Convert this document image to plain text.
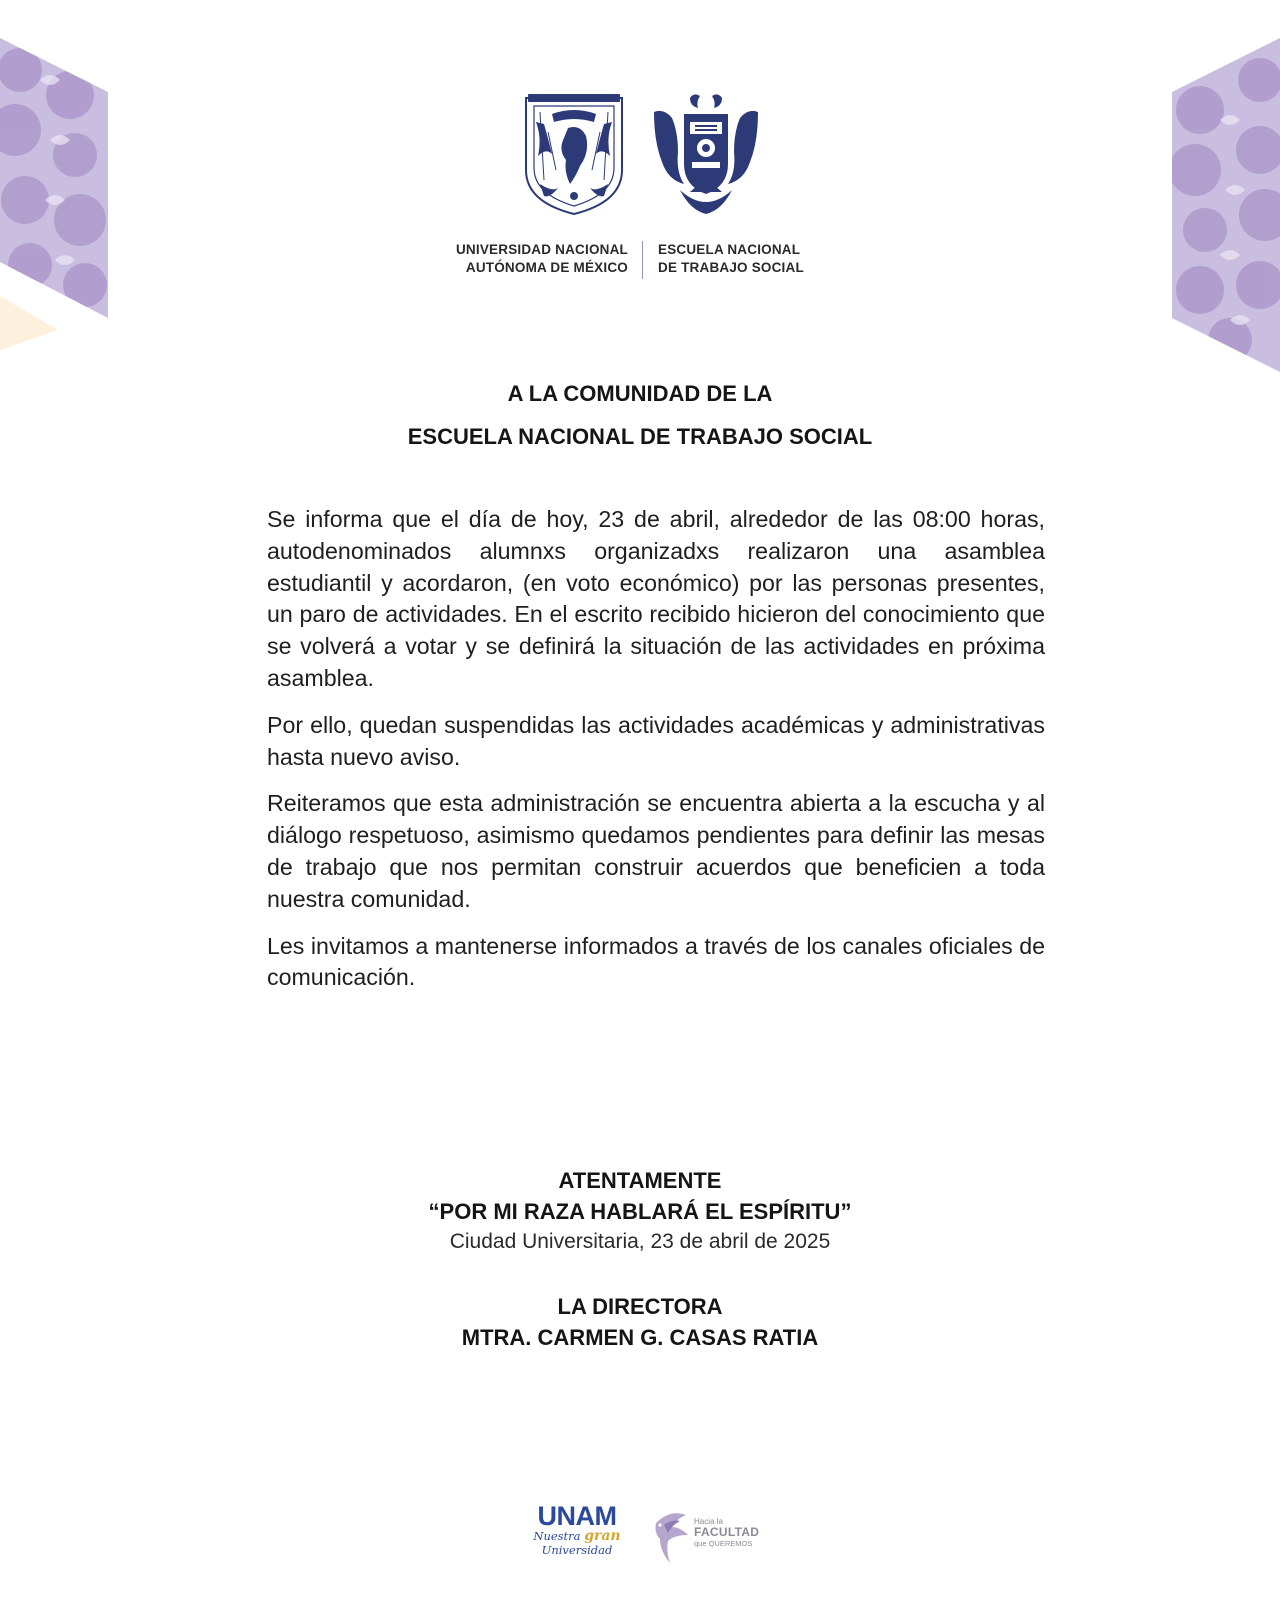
UNIVERSIDAD NACIONAL
AUTÓNOMA DE MÉXICO
ESCUELA NACIONAL
DE TRABAJO SOCIAL
A LA COMUNIDAD DE LA
ESCUELA NACIONAL DE TRABAJO SOCIAL

Se informa que el día de hoy, 23 de abril, alrededor de las 08:00 horas, autodenominados alumnxs organizadxs realizaron una asamblea estudiantil y acordaron, (en voto económico) por las personas presentes, un paro de actividades. En el escrito recibido hicieron del conocimiento que se volverá a votar y se definirá la situación de las actividades en próxima asamblea.

Por ello, quedan suspendidas las actividades académicas y administrativas hasta nuevo aviso.

Reiteramos que esta administración se encuentra abierta a la escucha y al diálogo respetuoso, asimismo quedamos pendientes para definir las mesas de trabajo que nos permitan construir acuerdos que beneficien a toda nuestra comunidad.

Les invitamos a mantenerse informados a través de los canales oficiales de comunicación.

ATENTAMENTE
“POR MI RAZA HABLARÁ EL ESPÍRITU”
Ciudad Universitaria, 23 de abril de 2025
LA DIRECTORA
MTRA. CARMEN G. CASAS RATIA
UNAM
Nuestra gran
Universidad
Hacia la
FACULTAD
que QUEREMOS
